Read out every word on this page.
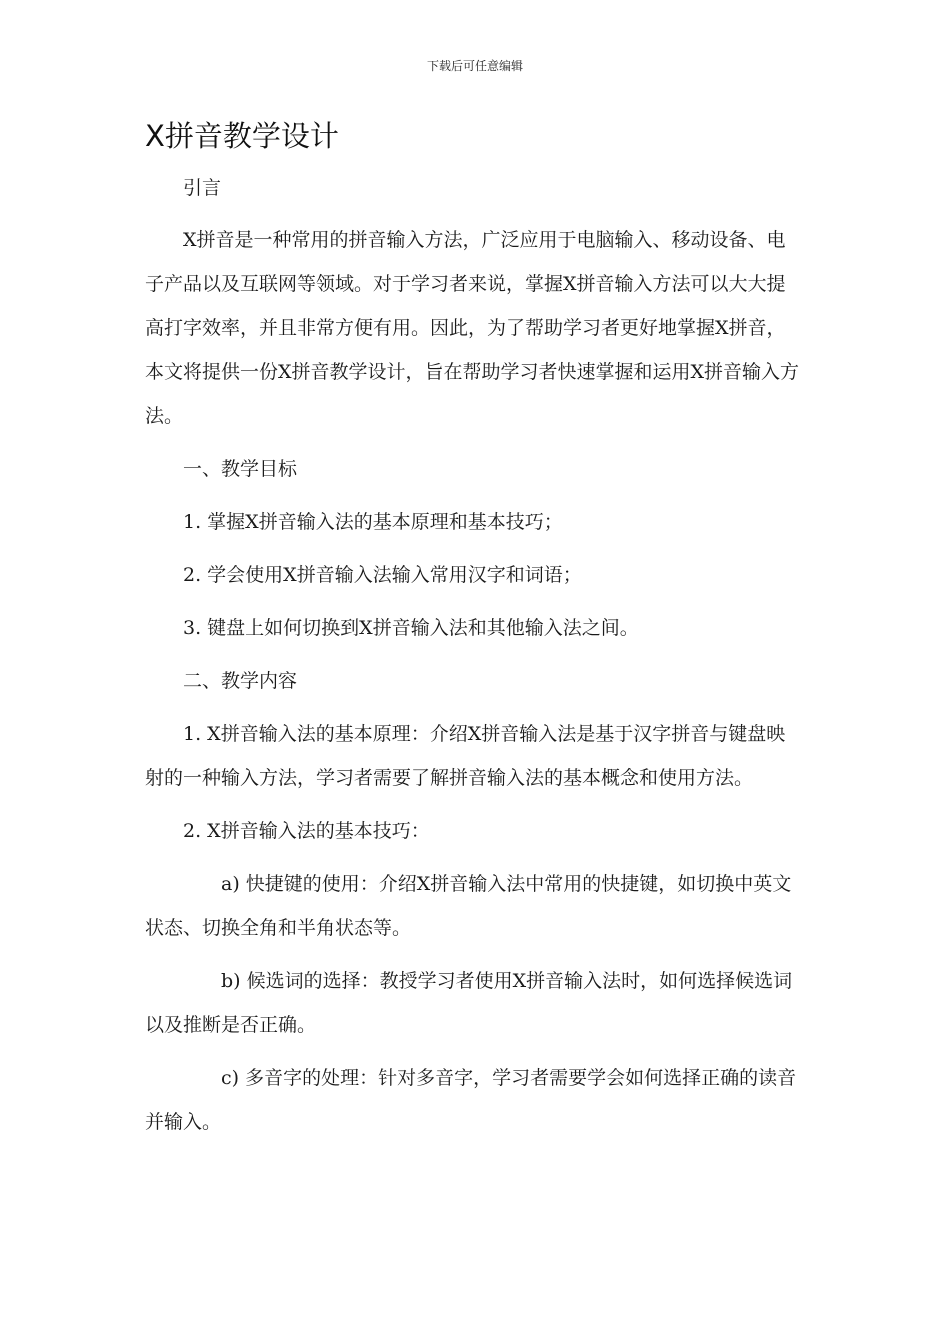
下载后可任意编辑
X拼音教学设计

引言

X拼音是一种常用的拼音输入方法，广泛应用于电脑输入、移动设备、电子产品以及互联网等领域。对于学习者来说，掌握X拼音输入方法可以大大提高打字效率，并且非常方便有用。因此，为了帮助学习者更好地掌握X拼音，本文将提供一份X拼音教学设计，旨在帮助学习者快速掌握和运用X拼音输入方法。

一、教学目标

1. 掌握X拼音输入法的基本原理和基本技巧；

2. 学会使用X拼音输入法输入常用汉字和词语；

3. 键盘上如何切换到X拼音输入法和其他输入法之间。

二、教学内容

1. X拼音输入法的基本原理：介绍X拼音输入法是基于汉字拼音与键盘映射的一种输入方法，学习者需要了解拼音输入法的基本概念和使用方法。

2. X拼音输入法的基本技巧：

a) 快捷键的使用：介绍X拼音输入法中常用的快捷键，如切换中英文状态、切换全角和半角状态等。

b) 候选词的选择：教授学习者使用X拼音输入法时，如何选择候选词以及推断是否正确。

c) 多音字的处理：针对多音字，学习者需要学会如何选择正确的读音并输入。
